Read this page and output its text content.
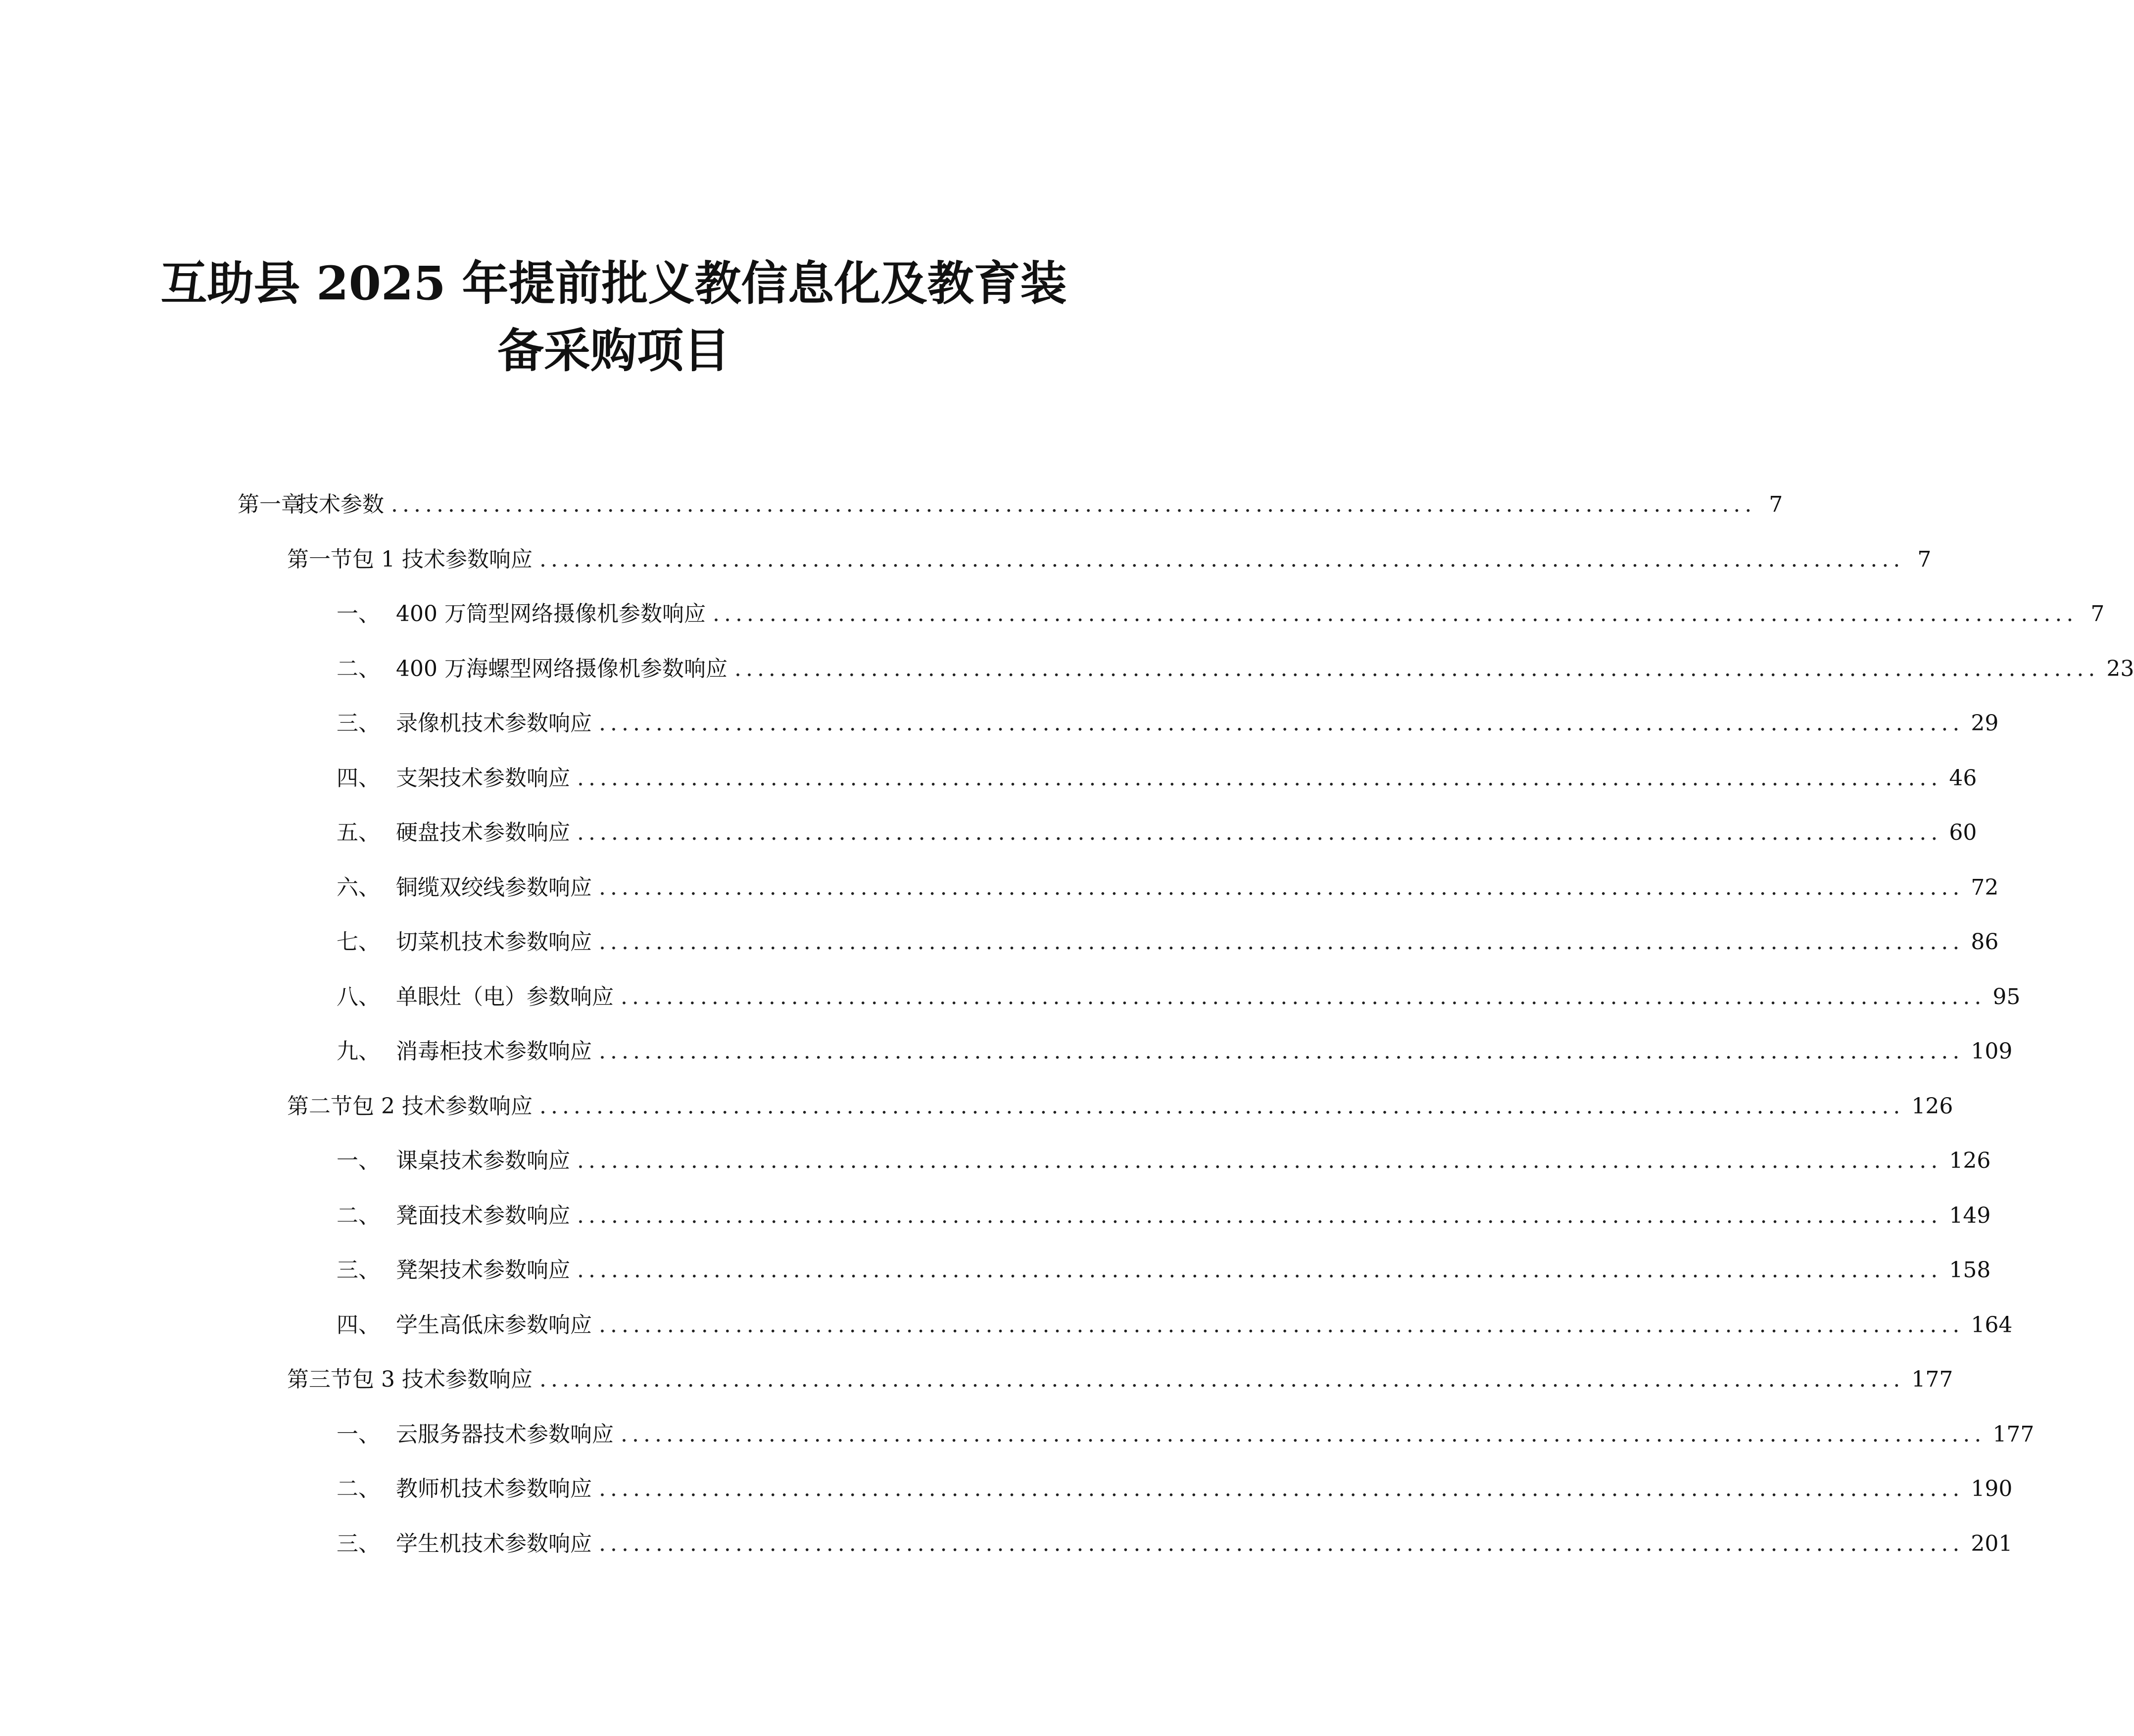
互助县 2025 年提前批义教信息化及教育装
备采购项目
第一章
技术参数 ........................................................................................................................ 7
第一节 包 1 技术参数响应 ........................................................................................................................ 7
一、 400 万筒型网络摄像机参数响应 ........................................................................................................................ 7
二、 400 万海螺型网络摄像机参数响应 ........................................................................................................................ 23
三、 录像机技术参数响应 ........................................................................................................................ 29
四、 支架技术参数响应 ........................................................................................................................ 46
五、 硬盘技术参数响应 ........................................................................................................................ 60
六、 铜缆双绞线参数响应 ........................................................................................................................ 72
七、 切菜机技术参数响应 ........................................................................................................................ 86
八、 单眼灶（电）参数响应 ........................................................................................................................ 95
九、 消毒柜技术参数响应 ........................................................................................................................ 109
第二节 包 2 技术参数响应 ........................................................................................................................ 126
一、 课桌技术参数响应 ........................................................................................................................ 126
二、 凳面技术参数响应 ........................................................................................................................ 149
三、 凳架技术参数响应 ........................................................................................................................ 158
四、 学生高低床参数响应 ........................................................................................................................ 164
第三节 包 3 技术参数响应 ........................................................................................................................ 177
一、 云服务器技术参数响应 ........................................................................................................................ 177
二、 教师机技术参数响应 ........................................................................................................................ 190
三、 学生机技术参数响应 ........................................................................................................................ 201
